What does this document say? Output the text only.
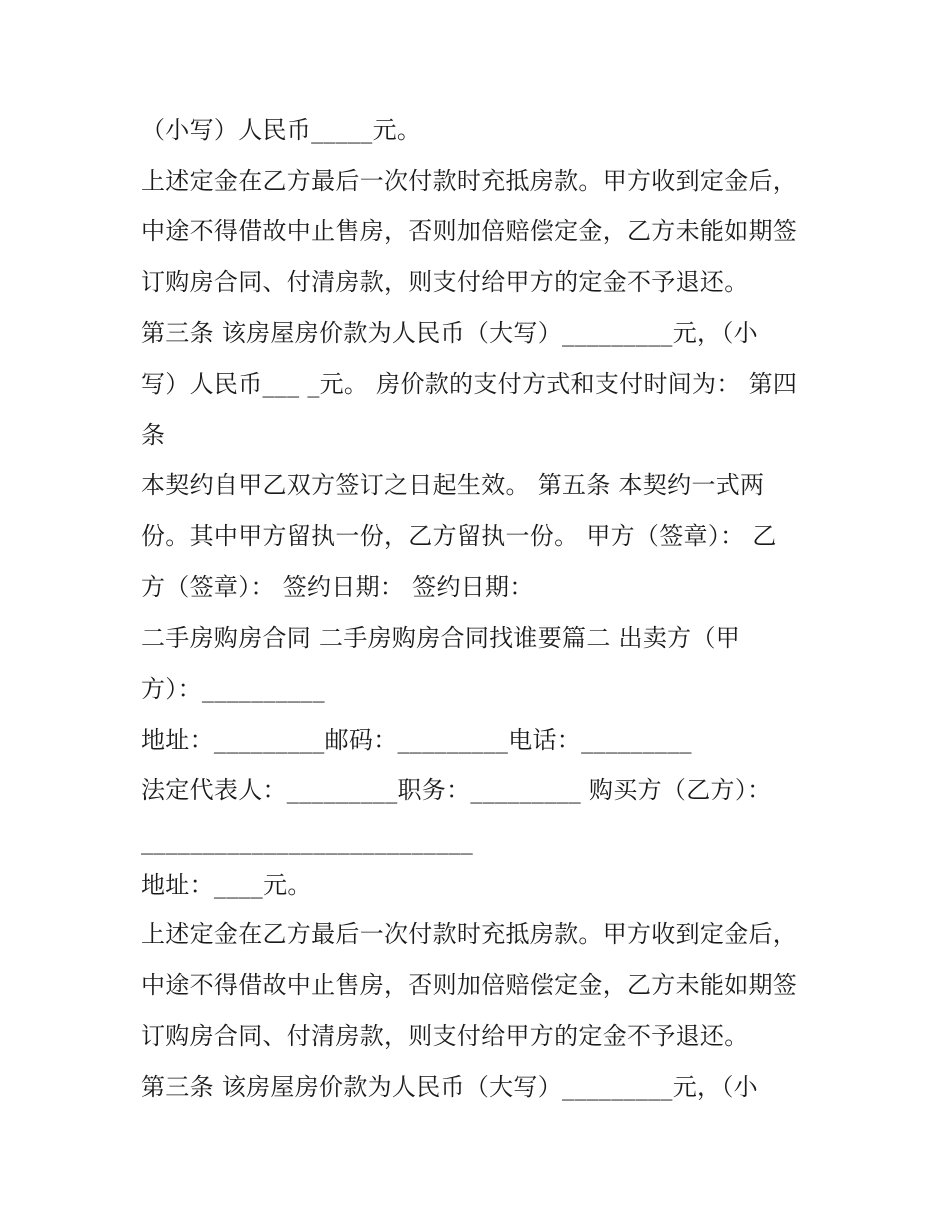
（小写）人民币_____元。
上述定金在乙方最后一次付款时充抵房款。甲方收到定金后，
中途不得借故中止售房，否则加倍赔偿定金，乙方未能如期签
订购房合同、付清房款，则支付给甲方的定金不予退还。
第三条 该房屋房价款为人民币（大写）_________元，（小
写）人民币___ _元。 房价款的支付方式和支付时间为： 第四
条
本契约自甲乙双方签订之日起生效。 第五条 本契约一式两
份。其中甲方留执一份，乙方留执一份。 甲方（签章）： 乙
方（签章）： 签约日期： 签约日期：
二手房购房合同 二手房购房合同找谁要篇二 出卖方（甲
方）：__________
地址：_________邮码：_________电话：_________
法定代表人：_________职务：_________ 购买方（乙方）：
___________________________
地址：____元。
上述定金在乙方最后一次付款时充抵房款。甲方收到定金后，
中途不得借故中止售房，否则加倍赔偿定金，乙方未能如期签
订购房合同、付清房款，则支付给甲方的定金不予退还。
第三条 该房屋房价款为人民币（大写）_________元，（小
